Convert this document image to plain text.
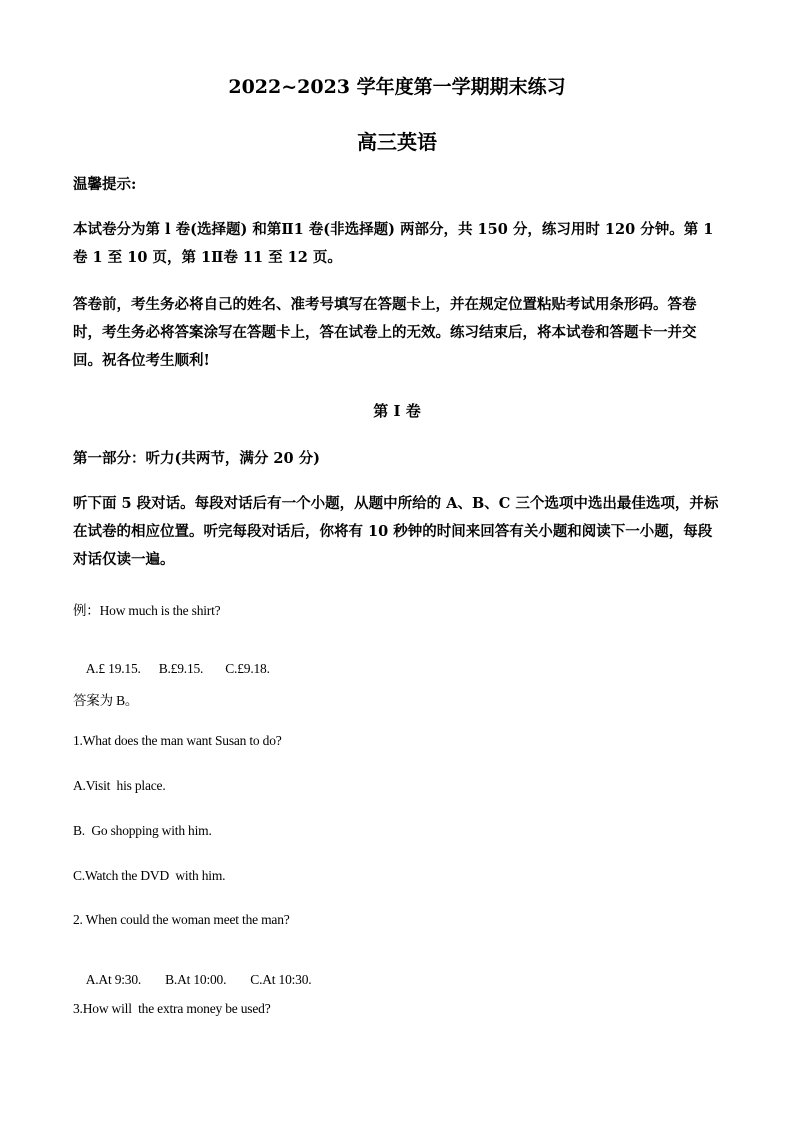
2022~2023 学年度第一学期期末练习
高三英语
温馨提示:
本试卷分为第 l 卷(选择题) 和第Ⅱ1 卷(非选择题) 两部分，共 150 分，练习用时 120 分钟。第 1 卷 1 至 10 页，第 1Ⅱ卷 11 至 12 页。
答卷前，考生务必将自己的姓名、准考号填写在答题卡上，并在规定位置粘贴考试用条形码。答卷时，考生务必将答案涂写在答题卡上，答在试卷上的无效。练习结束后，将本试卷和答题卡一并交回。祝各位考生顺利!
第 I 卷
第一部分：听力(共两节，满分 20 分)
听下面 5 段对话。每段对话后有一个小题，从题中所给的 A、B、C 三个选项中选出最佳选项，并标在试卷的相应位置。听完每段对话后，你将有 10 秒钟的时间来回答有关小题和阅读下一小题，每段对话仅读一遍。
例：How much is the shirt?

A.£ 19.15. B.£9.15. C.£9.18.

答案为 B。
1.What does the man want Susan to do?
A.Visit  his place.
B.  Go shopping with him.
C.Watch the DVD  with him.
2. When could the woman meet the man?

A.At 9:30. B.At 10:00. C.At 10:30.

3.How will  the extra money be used?
